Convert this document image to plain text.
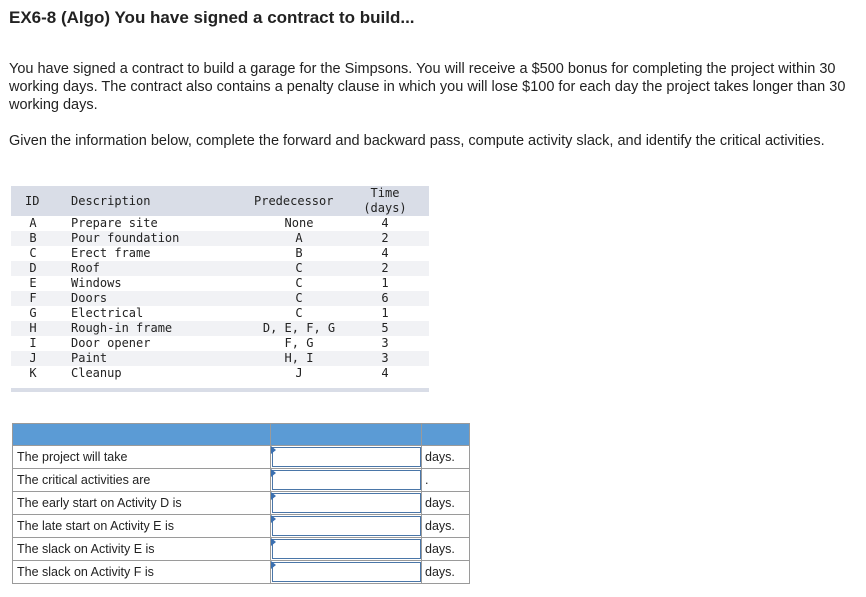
EX6-8 (Algo) You have signed a contract to build...

You have signed a contract to build a garage for the Simpsons. You will receive a $500 bonus for completing the project within 30 working days. The contract also contains a penalty clause in which you will lose $100 for each day the project takes longer than 30 working days.

Given the information below, complete the forward and backward pass, compute activity slack, and identify the critical activities.

ID	Description	Predecessor
Time
(days)
A	Prepare site	None	4
B	Pour foundation	A	2
C	Erect frame	B	4
D	Roof	C	2
E	Windows	C	1
F	Doors	C	6
G	Electrical	C	1
H	Rough-in frame	D, E, F, G	5
I	Door opener	F, G	3
J	Paint	H, I	3
K	Cleanup	J	4

The project will take		days.
The critical activities are		.
The early start on Activity D is		days.
The late start on Activity E is		days.
The slack on Activity E is		days.
The slack on Activity F is		days.
